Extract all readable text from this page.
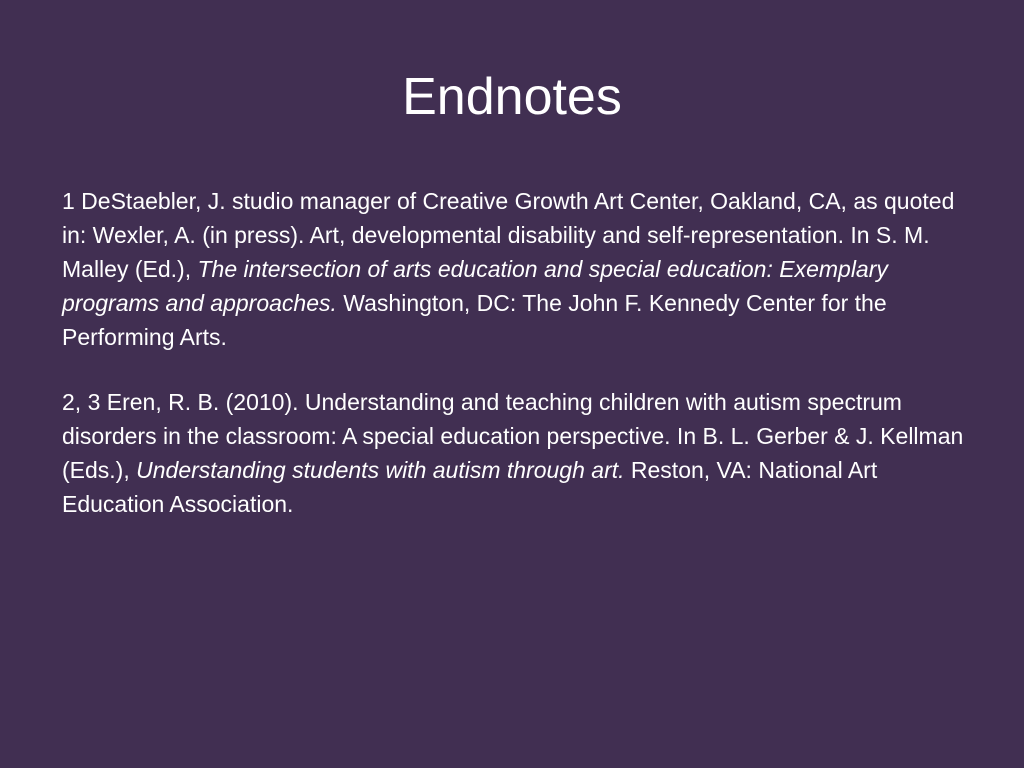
Endnotes

1 DeStaebler, J. studio manager of Creative Growth Art Center, Oakland, CA, as quoted in: Wexler, A. (in press). Art, developmental disability and self-representation. In S. M. Malley (Ed.), The intersection of arts education and special education: Exemplary programs and approaches. Washington, DC: The John F. Kennedy Center for the Performing Arts.

2, 3 Eren, R. B. (2010). Understanding and teaching children with autism spectrum disorders in the classroom: A special education perspective. In B. L. Gerber & J. Kellman (Eds.), Understanding students with autism through art. Reston, VA: National Art Education Association.
